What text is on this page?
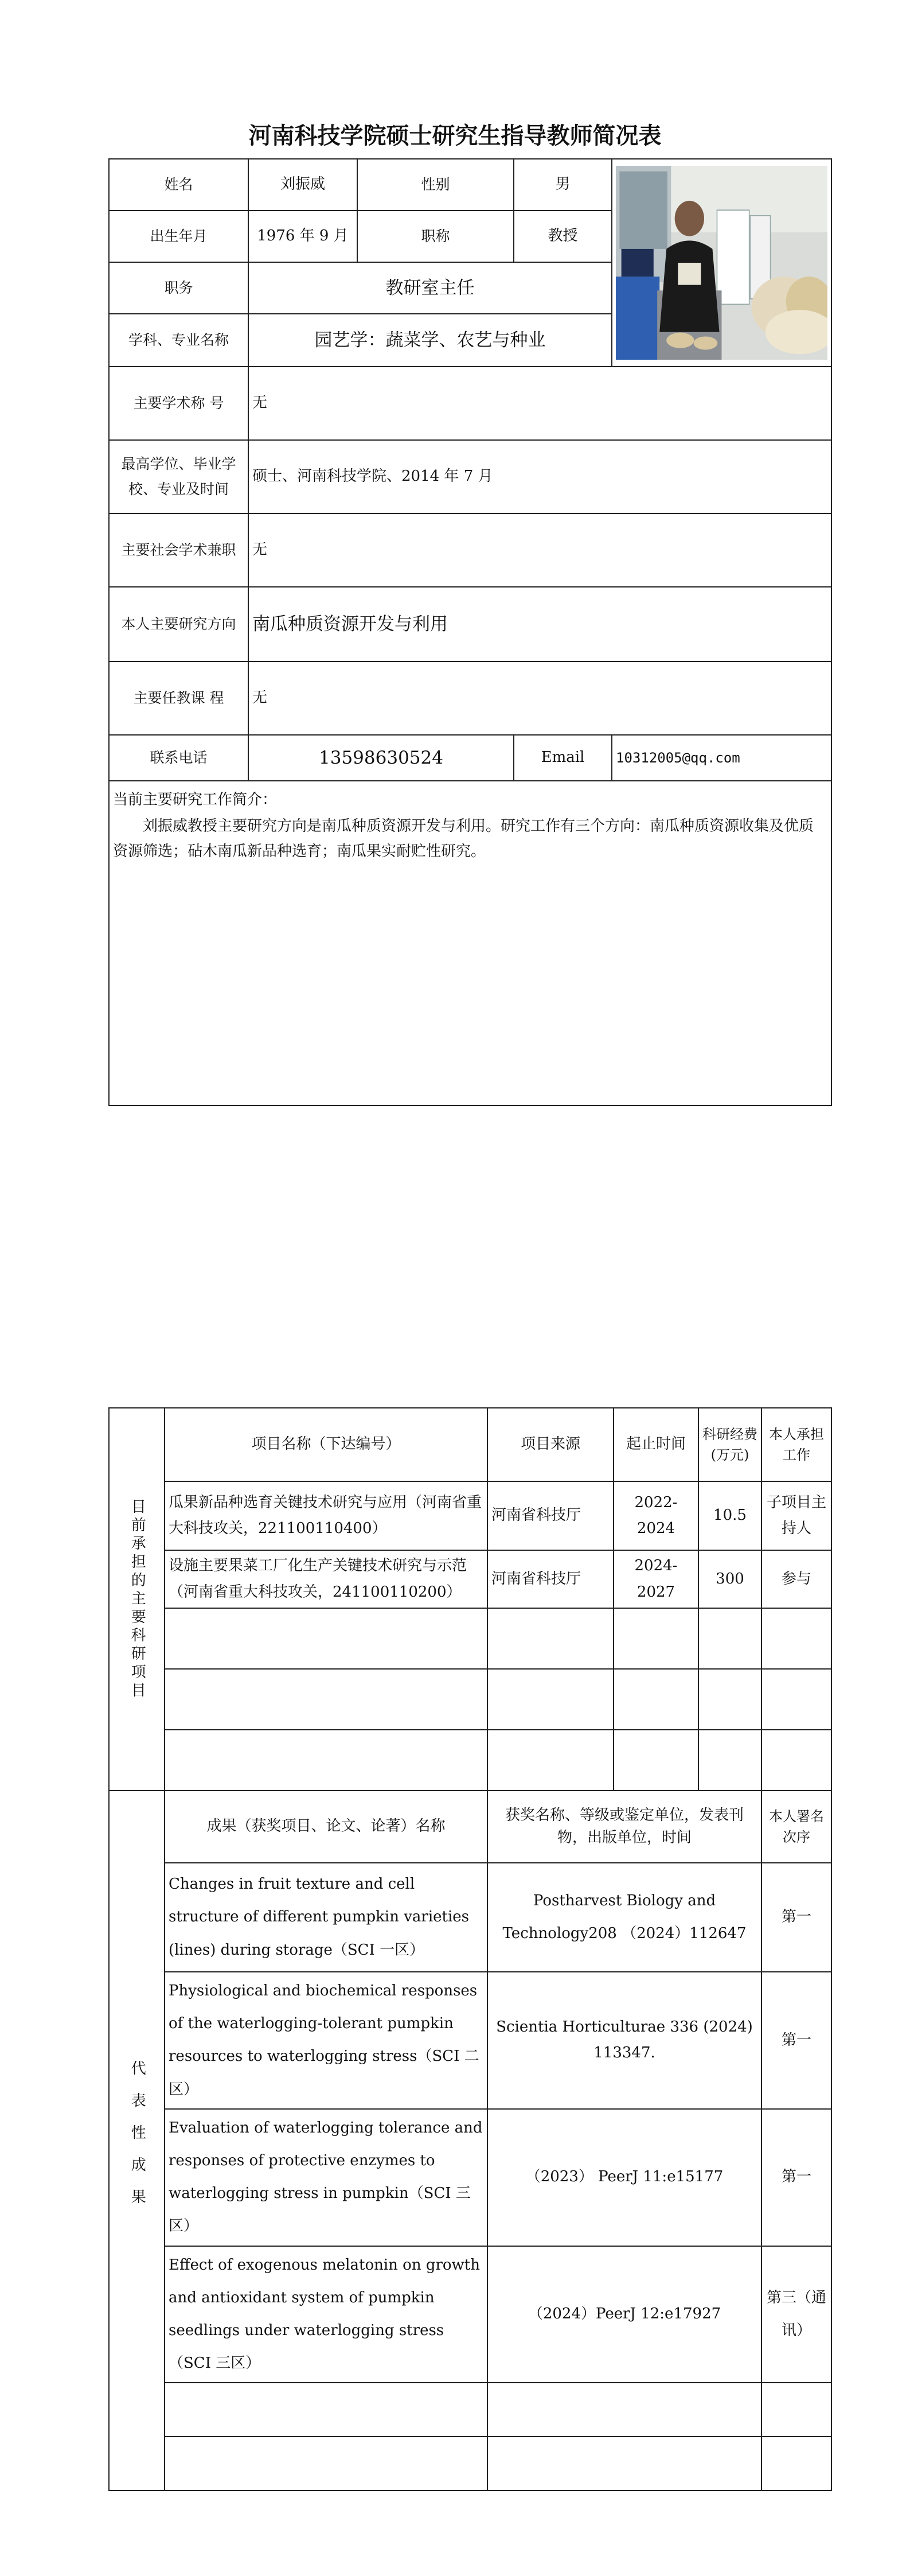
河南科技学院硕士研究生指导教师简况表
姓名	刘振威	性别	男	

出生年月	1976 年 9 月	职称	教授	
职务	教研室主任			
学科、专业名称	园艺学：蔬菜学、农艺与种业			
主要学术称 号	无			
最高学位、毕业学校、专业及时间	硕士、河南科技学院、2014 年 7 月			
主要社会学术兼职	无			
本人主要研究方向	南瓜种质资源开发与利用			
主要任教课 程	无			
联系电话	13598630524		Email	10312005@qq.com

当前主要研究工作简介：
刘振威教授主要研究方向是南瓜种质资源开发与利用。研究工作有三个方向：南瓜种质资源收集及优质资源筛选；砧木南瓜新品种选育；南瓜果实耐贮性研究。				
目前承担的主要科研项目	项目名称（下达编号）	项目来源	起止时间	科研经费(万元)	本人承担工作
	瓜果新品种选育关键技术研究与应用（河南省重大科技攻关，221100110400）	河南省科技厅	2022-2024	10.5	子项目主持人
	设施主要果菜工厂化生产关键技术研究与示范（河南省重大科技攻关，241100110200）	河南省科技厅	2024-2027	300	参与

代表性成果	成果（获奖项目、论文、论著）名称	获奖名称、等级或鉴定单位，发表刊物，出版单位，时间			本人署名次序
	Changes in fruit texture and cell structure of different pumpkin varieties (lines) during storage（SCI 一区）	Postharvest Biology and Technology208 （2024）112647			第一
	Physiological and biochemical responses of the waterlogging-tolerant pumpkin resources to waterlogging stress（SCI 二区）	Scientia Horticulturae 336 (2024) 113347.			第一
	Evaluation of waterlogging tolerance and responses of protective enzymes to waterlogging stress in pumpkin（SCI 三区）	（2023） PeerJ 11:e15177			第一
	Effect of exogenous melatonin on growth and antioxidant system of pumpkin seedlings under waterlogging stress（SCI 三区）	（2024）PeerJ 12:e17927			第三（通讯）
